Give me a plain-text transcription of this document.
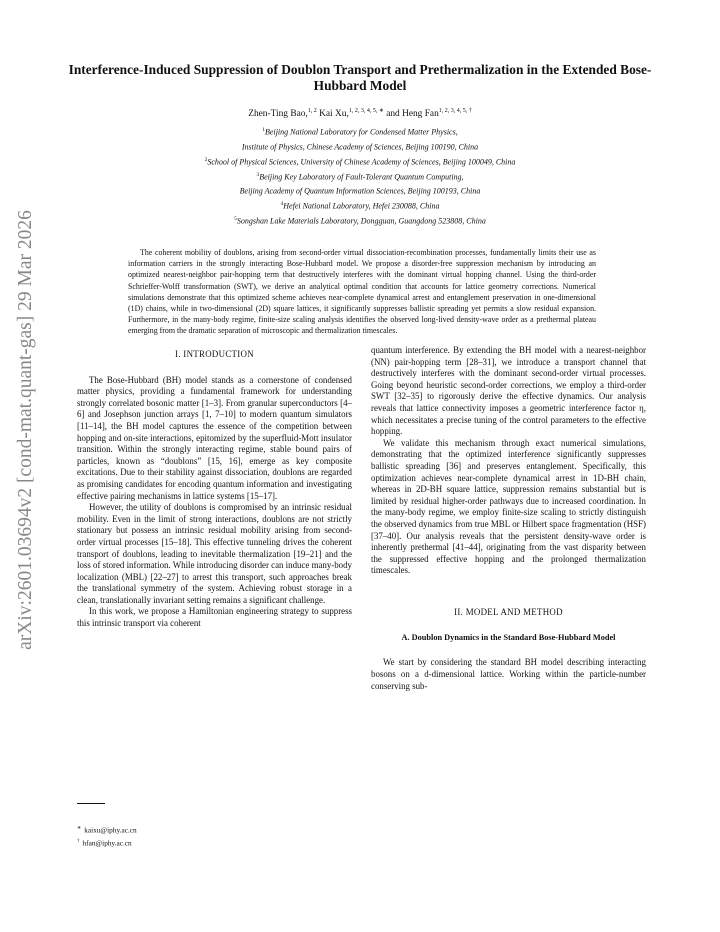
arXiv:2601.03694v2 [cond-mat.quant-gas] 29 Mar 2026
Interference-Induced Suppression of Doublon Transport and Prethermalization in the Extended Bose-Hubbard Model
Zhen-Ting Bao,$^{1, 2}$ Kai Xu,$^{1, 2, 3, 4, 5, ∗}$ and Heng Fan$^{1, 2, 3, 4, 5, \dagger}$
$^1$Beijing National Laboratory for Condensed Matter Physics,
Institute of Physics, Chinese Academy of Sciences, Beijing 100190, China
$^2$School of Physical Sciences, University of Chinese Academy of Sciences, Beijing 100049, China
$^3$Beijing Key Laboratory of Fault-Tolerant Quantum Computing,
Beijing Academy of Quantum Information Sciences, Beijing 100193, China
$^4$Hefei National Laboratory, Hefei 230088, China
$^5$Songshan Lake Materials Laboratory, Dongguan, Guangdong 523808, China
The coherent mobility of doublons, arising from second-order virtual dissociation-recombination processes, fundamentally limits their use as information carriers in the strongly interacting Bose-Hubbard model. We propose a disorder-free suppression mechanism by introducing an optimized nearest-neighbor pair-hopping term that destructively interferes with the dominant virtual hopping channel. Using the third-order Schrieffer-Wolff transformation (SWT), we derive an analytical optimal condition that accounts for lattice geometry corrections. Numerical simulations demonstrate that this optimized scheme achieves near-complete dynamical arrest and entanglement preservation in one-dimensional (1D) chains, while in two-dimensional (2D) square lattices, it significantly suppresses ballistic spreading yet permits a slow residual expansion. Furthermore, in the many-body regime, finite-size scaling analysis identifies the observed long-lived density-wave order as a prethermal plateau emerging from the dramatic separation of microscopic and thermalization timescales.
I. INTRODUCTION

The Bose-Hubbard (BH) model stands as a cornerstone of condensed matter physics, providing a fundamental framework for understanding strongly correlated bosonic matter [1–3]. From granular superconductors [4–6] and Josephson junction arrays [1, 7–10] to modern quantum simulators [11–14], the BH model captures the essence of the competition between hopping and on-site interactions, epitomized by the superfluid-Mott insulator transition. Within the strongly interacting regime, stable bound pairs of particles, known as “doublons” [15, 16], emerge as key composite excitations. Due to their stability against dissociation, doublons are regarded as promising candidates for encoding quantum information and investigating effective pairing mechanisms in lattice systems [15–17].

However, the utility of doublons is compromised by an intrinsic residual mobility. Even in the limit of strong interactions, doublons are not strictly stationary but possess an intrinsic residual mobility arising from second-order virtual processes [15–18]. This effective tunneling drives the coherent transport of doublons, leading to inevitable thermalization [19–21] and the loss of stored information. While introducing disorder can induce many-body localization (MBL) [22–27] to arrest this transport, such approaches break the translational symmetry of the system. Achieving robust storage in a clean, translationally invariant setting remains a significant challenge.

In this work, we propose a Hamiltonian engineering strategy to suppress this intrinsic transport via coherent

quantum interference. By extending the BH model with a nearest-neighbor (NN) pair-hopping term [28–31], we introduce a transport channel that destructively interferes with the dominant second-order virtual processes. Going beyond heuristic second-order corrections, we employ a third-order SWT [32–35] to rigorously derive the effective dynamics. Our analysis reveals that lattice connectivity imposes a geometric interference factor η, which necessitates a precise tuning of the control parameters to the effective hopping.

We validate this mechanism through exact numerical simulations, demonstrating that the optimized interference significantly suppresses ballistic spreading [36] and preserves entanglement. Specifically, this optimization achieves near-complete dynamical arrest in 1D-BH chain, whereas in 2D-BH square lattice, suppression remains substantial but is limited by residual higher-order pathways due to increased coordination. In the many-body regime, we employ finite-size scaling to strictly distinguish the observed dynamics from true MBL or Hilbert space fragmentation (HSF) [37–40]. Our analysis reveals that the persistent density-wave order is inherently prethermal [41–44], originating from the vast disparity between the suppressed effective hopping and the prolonged thermalization timescales.

II. MODEL AND METHOD
A. Doublon Dynamics in the Standard Bose-Hubbard Model

We start by considering the standard BH model describing interacting bosons on a d-dimensional lattice. Working within the particle-number conserving sub-

∗ kaixu@iphy.ac.cn
† hfan@iphy.ac.cn
